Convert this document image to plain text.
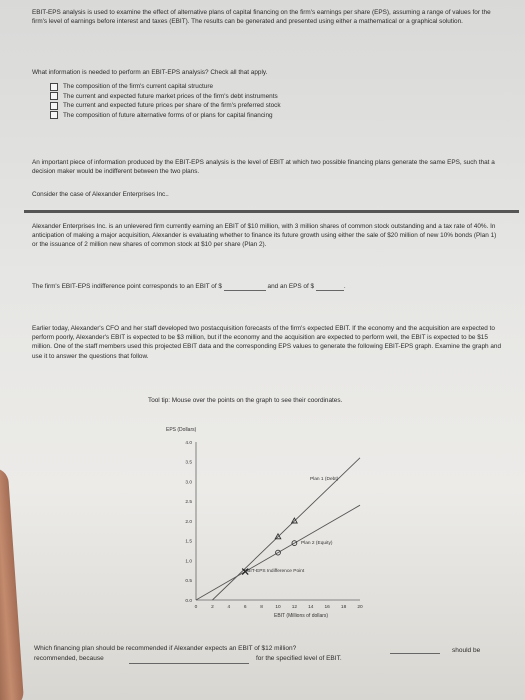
EBIT-EPS analysis is used to examine the effect of alternative plans of capital financing on the firm's earnings per share (EPS), assuming a range of values for the firm's level of earnings before interest and taxes (EBIT). The results can be generated and presented using either a mathematical or a graphical solution.

What information is needed to perform an EBIT-EPS analysis? Check all that apply.

The composition of the firm's current capital structure
The current and expected future market prices of the firm's debt instruments
The current and expected future prices per share of the firm's preferred stock
The composition of future alternative forms of or plans for capital financing

An important piece of information produced by the EBIT-EPS analysis is the level of EBIT at which two possible financing plans generate the same EPS, such that a decision maker would be indifferent between the two plans.

Consider the case of Alexander Enterprises Inc..

Alexander Enterprises Inc. is an unlevered firm currently earning an EBIT of $10 million, with 3 million shares of common stock outstanding and a tax rate of 40%. In anticipation of making a major acquisition, Alexander is evaluating whether to finance its future growth using either the sale of $20 million of new 10% bonds (Plan 1) or the issuance of 2 million new shares of common stock at $10 per share (Plan 2).

The firm's EBIT-EPS indifference point corresponds to an EBIT of $	and an EPS of $	.

Earlier today, Alexander's CFO and her staff developed two postacquisition forecasts of the firm's expected EBIT. If the economy and the acquisition are expected to perform poorly, Alexander's EBIT is expected to be $3 million, but if the economy and the acquisition are expected to perform well, the EBIT is expected to be $15 million. One of the staff members used this projected EBIT data and the corresponding EPS values to generate the following EBIT-EPS graph. Examine the graph and use it to answer the questions that follow.

Tool tip: Mouse over the points on the graph to see their coordinates.

EPS (Dollars)
0.0
0.5
1.0
1.5
2.0
2.5
3.0
3.5
4.0
0	2	4	6	8	10 12 14 16 18 20
Plan 1 (Debt)
Plan 2 (Equity)
EBIT-EPS Indifference Point
EBIT (Millions of dollars)
Which financing plan should be recommended if Alexander expects an EBIT of $12 million?	should be
recommended, because	for the specified level of EBIT.
